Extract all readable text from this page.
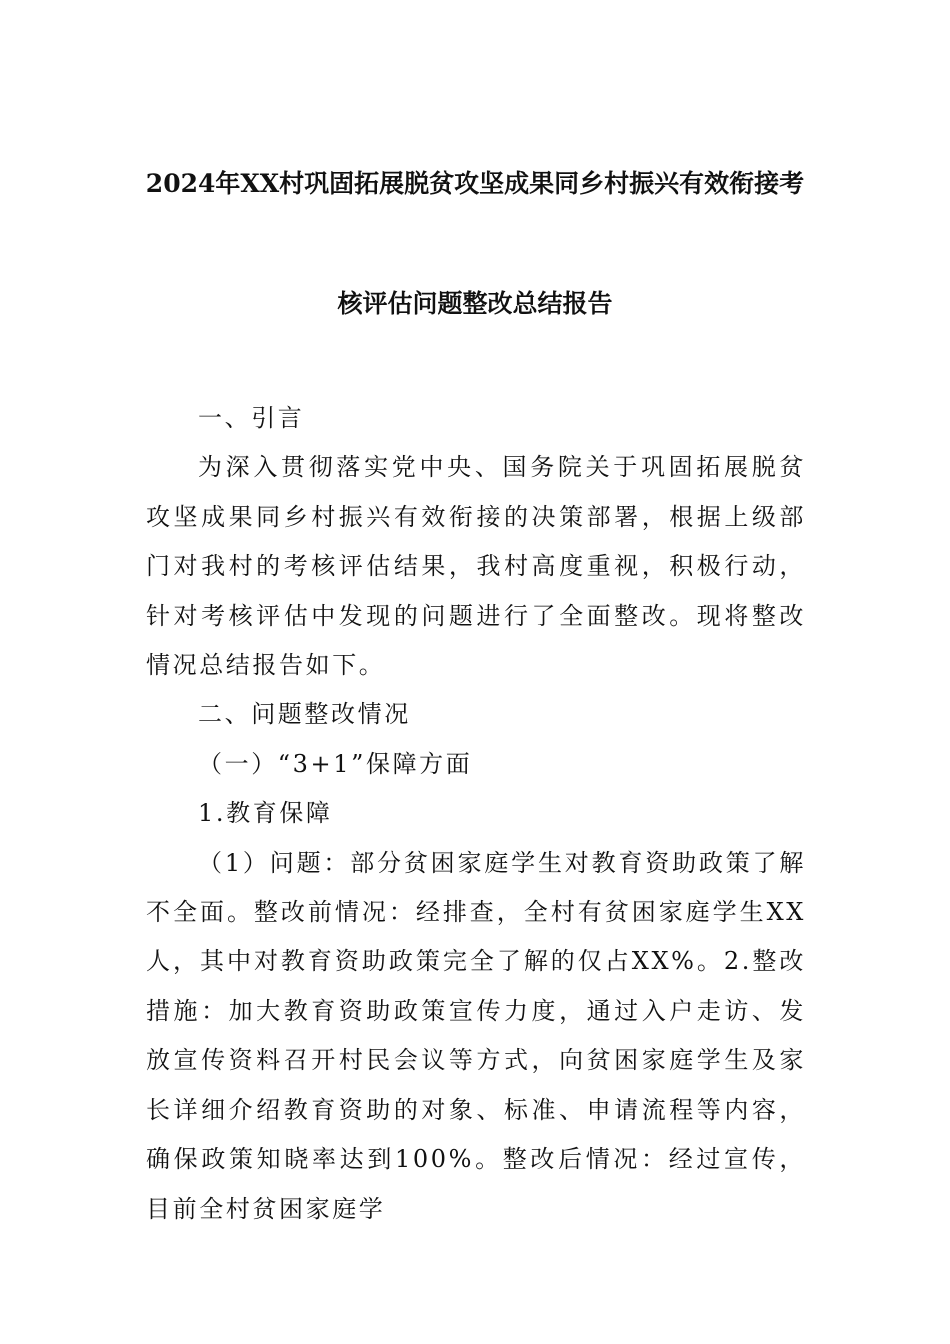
2024年XX村巩固拓展脱贫攻坚成果同乡村振兴有效衔接考
核评估问题整改总结报告

一、引言

为深入贯彻落实党中央、国务院关于巩固拓展脱贫攻坚成果同乡村振兴有效衔接的决策部署，根据上级部门对我村的考核评估结果，我村高度重视，积极行动，针对考核评估中发现的问题进行了全面整改。现将整改情况总结报告如下。

二、问题整改情况

（一）“3+1”保障方面

1.教育保障

（1）问题：部分贫困家庭学生对教育资助政策了解不全面。整改前情况：经排查，全村有贫困家庭学生XX人，其中对教育资助政策完全了解的仅占XX%。2.整改措施：加大教育资助政策宣传力度，通过入户走访、发放宣传资料召开村民会议等方式，向贫困家庭学生及家长详细介绍教育资助的对象、标准、申请流程等内容，确保政策知晓率达到100%。整改后情况：经过宣传，目前全村贫困家庭学
